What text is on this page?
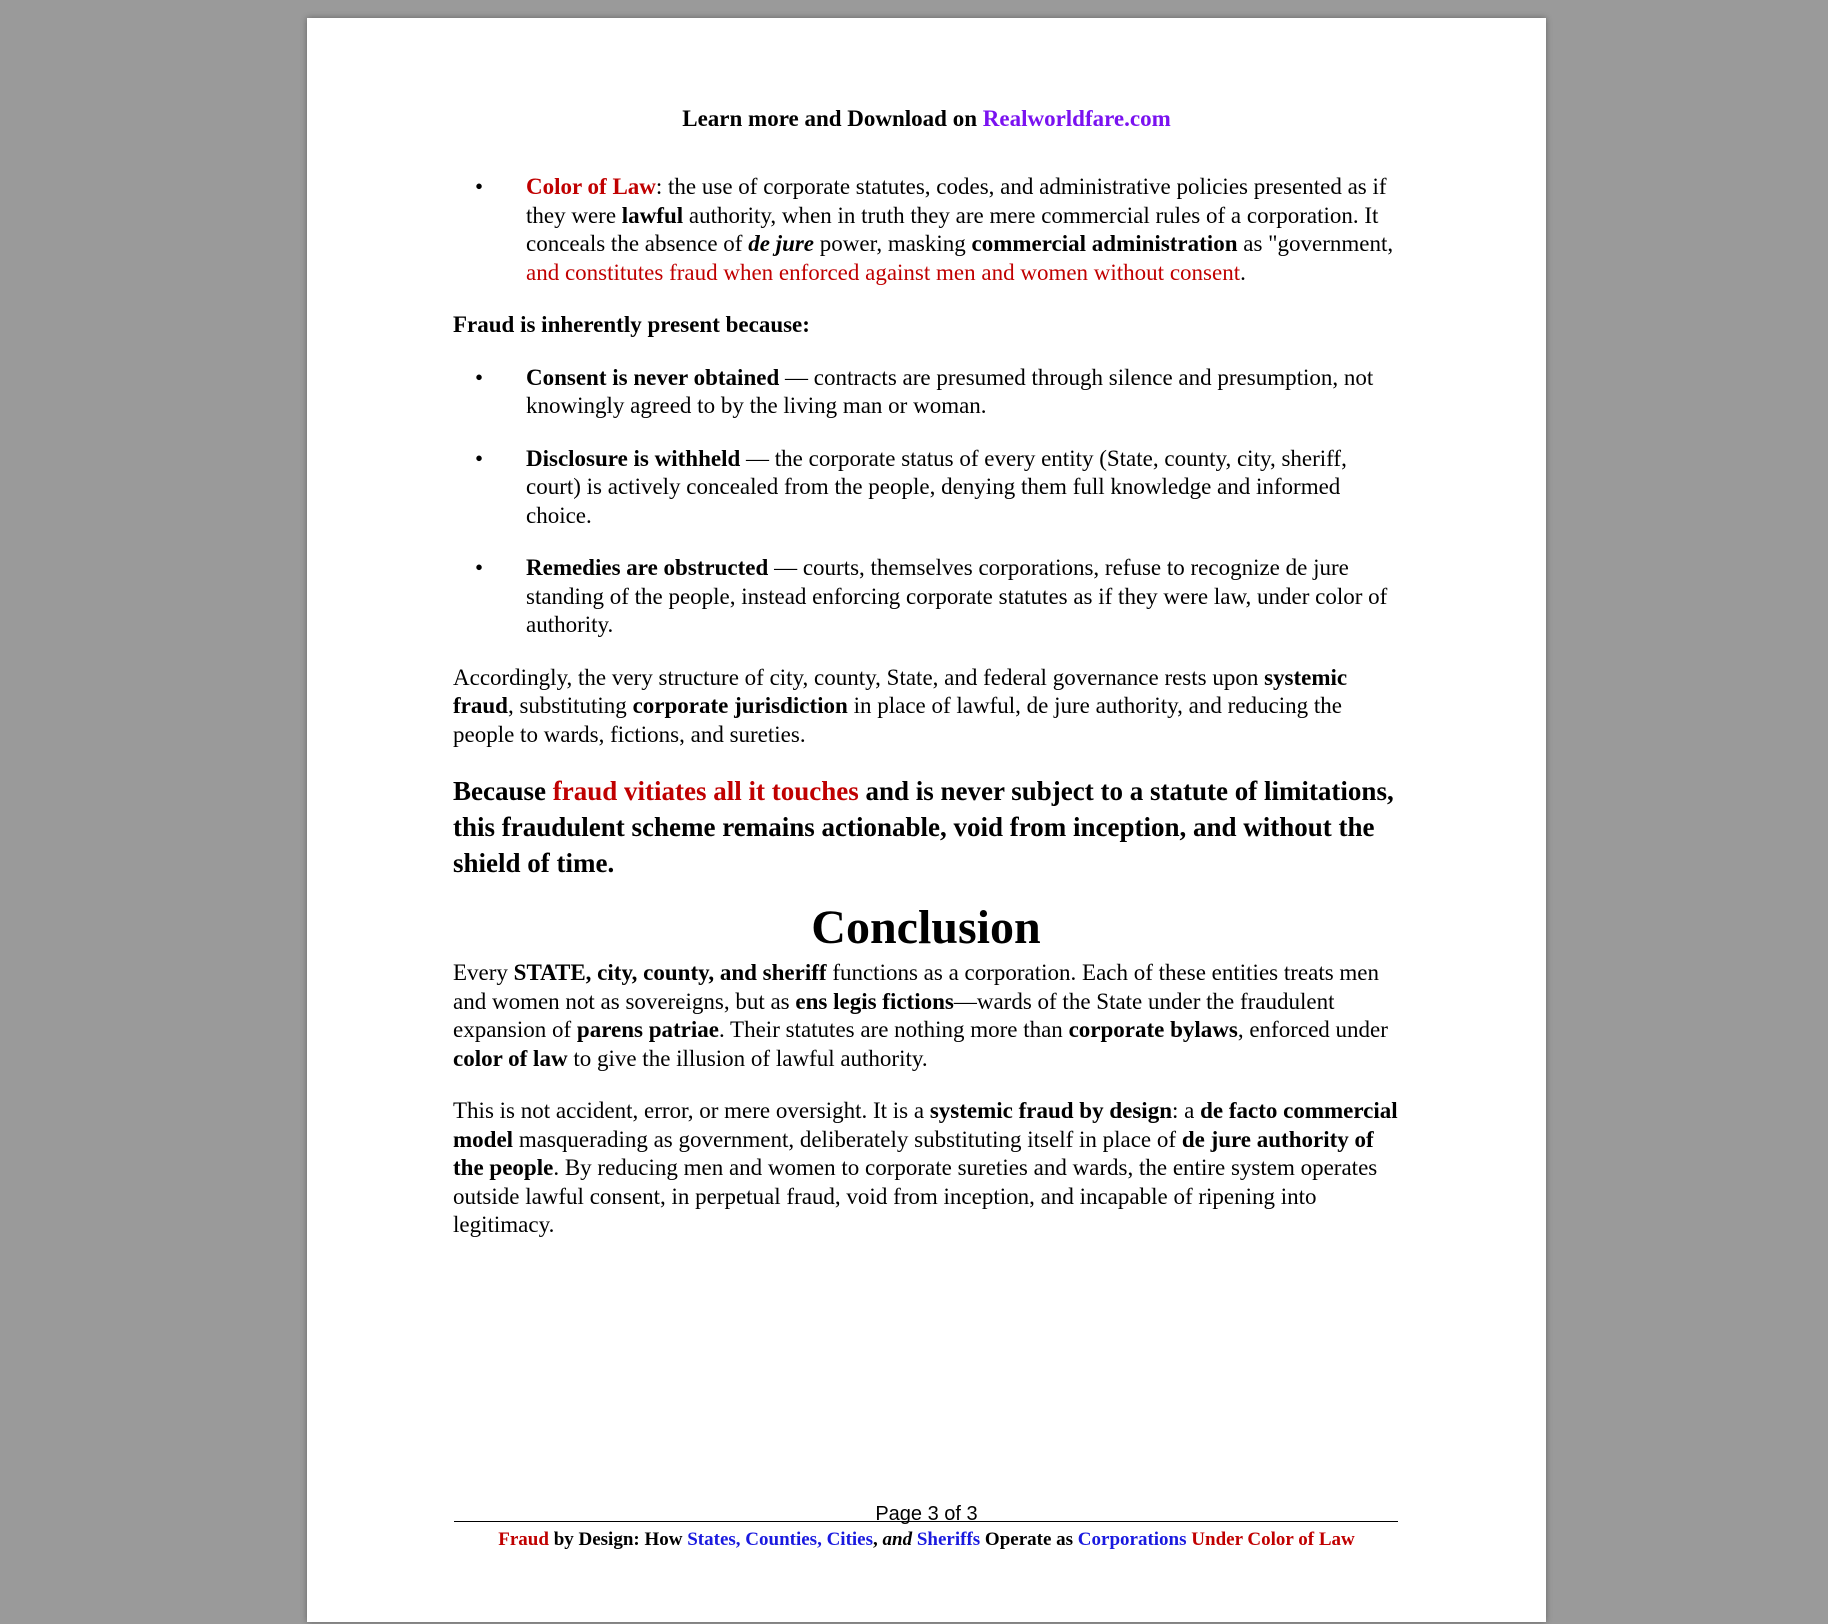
Learn more and Download on Realworldfare.com

• Color of Law: the use of corporate statutes, codes, and administrative policies presented as if they were lawful authority, when in truth they are mere commercial rules of a corporation. It conceals the absence of de jure power, masking commercial administration as "government, and constitutes fraud when enforced against men and women without consent.

Fraud is inherently present because:

• Consent is never obtained — contracts are presumed through silence and presumption, not knowingly agreed to by the living man or woman.
• Disclosure is withheld — the corporate status of every entity (State, county, city, sheriff, court) is actively concealed from the people, denying them full knowledge and informed choice.
• Remedies are obstructed — courts, themselves corporations, refuse to recognize de jure standing of the people, instead enforcing corporate statutes as if they were law, under color of authority.

Accordingly, the very structure of city, county, State, and federal governance rests upon systemic fraud, substituting corporate jurisdiction in place of lawful, de jure authority, and reducing the people to wards, fictions, and sureties.

Because fraud vitiates all it touches and is never subject to a statute of limitations, this fraudulent scheme remains actionable, void from inception, and without the shield of time.

Conclusion

Every STATE, city, county, and sheriff functions as a corporation. Each of these entities treats men and women not as sovereigns, but as ens legis fictions—wards of the State under the fraudulent expansion of parens patriae. Their statutes are nothing more than corporate bylaws, enforced under color of law to give the illusion of lawful authority.

This is not accident, error, or mere oversight. It is a systemic fraud by design: a de facto commercial model masquerading as government, deliberately substituting itself in place of de jure authority of the people. By reducing men and women to corporate sureties and wards, the entire system operates outside lawful consent, in perpetual fraud, void from inception, and incapable of ripening into legitimacy.

Page 3 of 3

Fraud by Design: How States, Counties, Cities, and Sheriffs Operate as Corporations Under Color of Law
